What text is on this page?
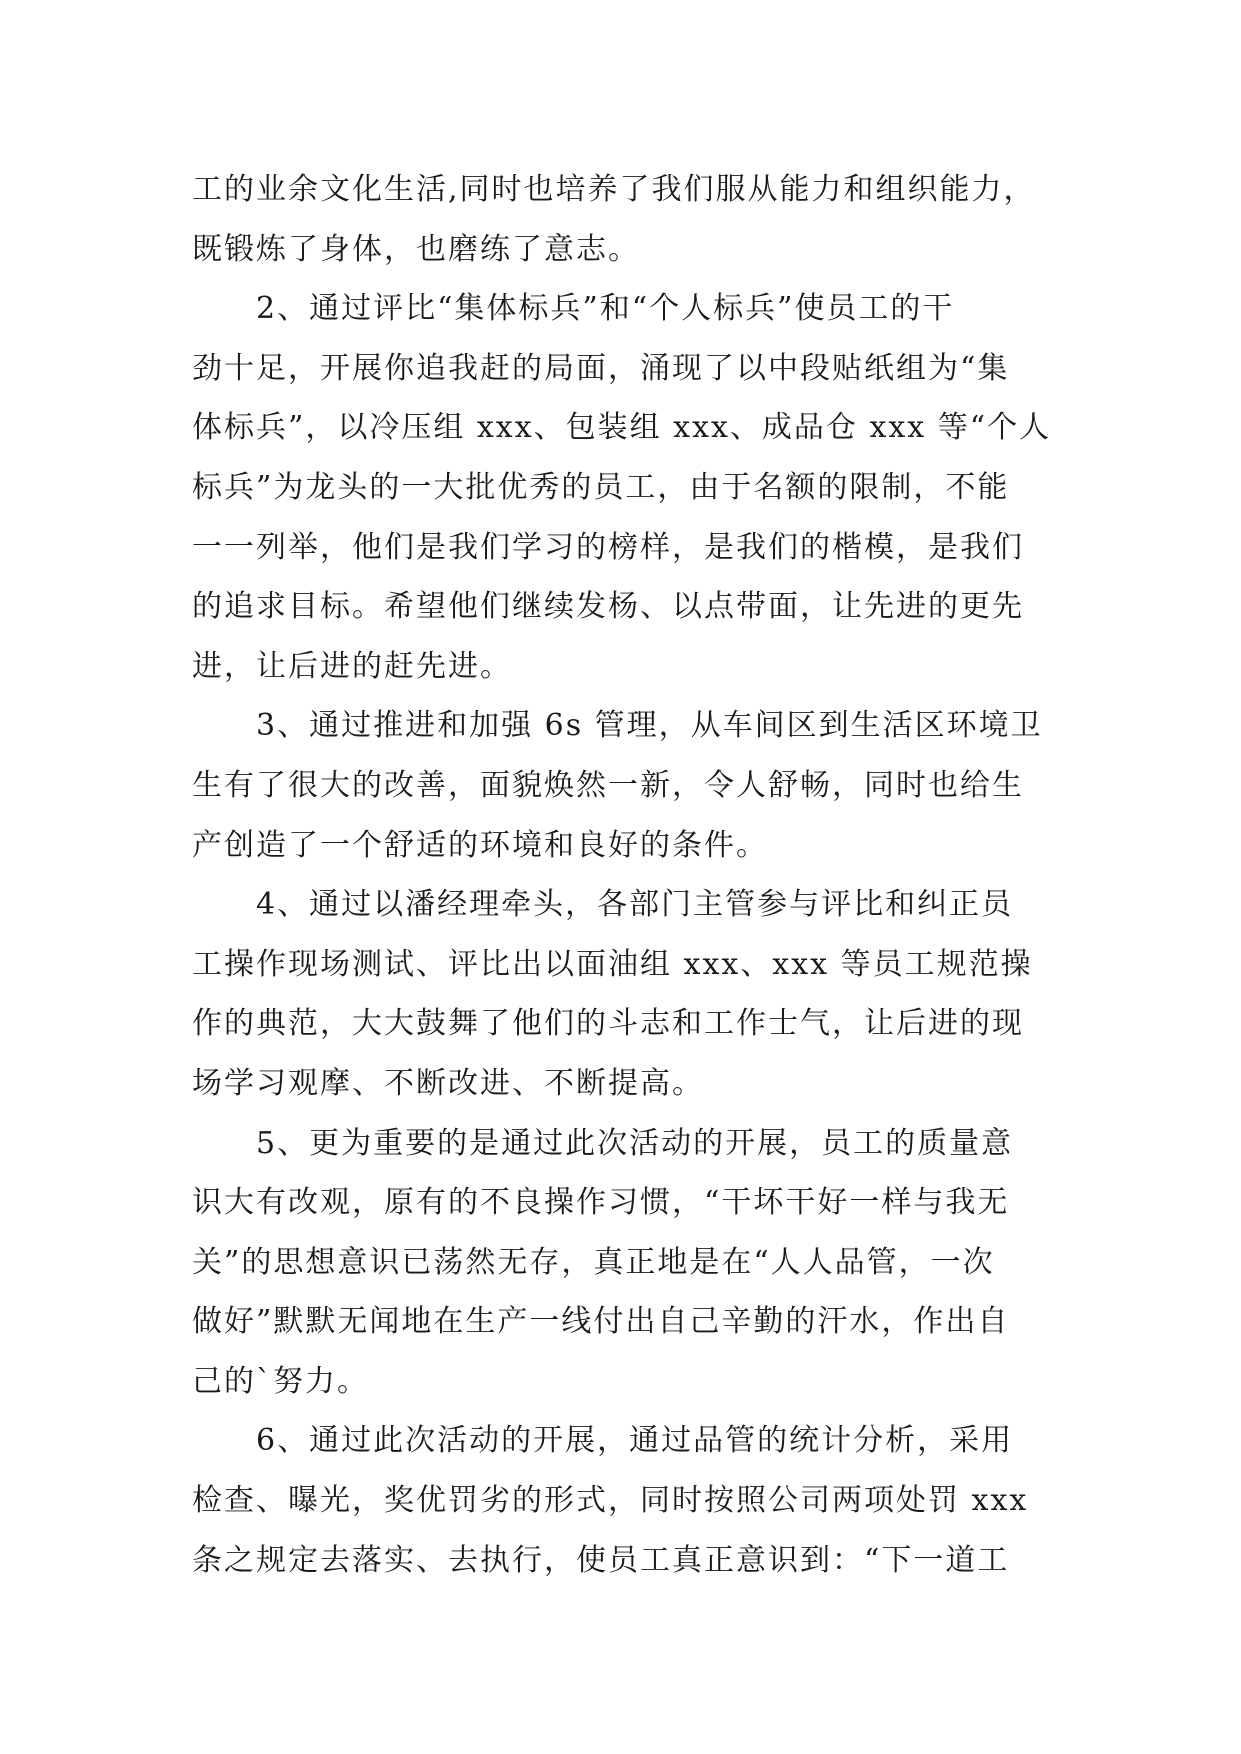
工的业余文化生活,同时也培养了我们服从能力和组织能力，
既锻炼了身体，也磨练了意志。
2、通过评比“集体标兵”和“个人标兵”使员工的干
劲十足，开展你追我赶的局面，涌现了以中段贴纸组为“集
体标兵”，以冷压组 xxx、包装组 xxx、成品仓 xxx 等“个人
标兵”为龙头的一大批优秀的员工，由于名额的限制，不能
一一列举，他们是我们学习的榜样，是我们的楷模，是我们
的追求目标。希望他们继续发杨、以点带面，让先进的更先
进，让后进的赶先进。
3、通过推进和加强 6s 管理，从车间区到生活区环境卫
生有了很大的改善，面貌焕然一新，令人舒畅，同时也给生
产创造了一个舒适的环境和良好的条件。
4、通过以潘经理牵头，各部门主管参与评比和纠正员
工操作现场测试、评比出以面油组 xxx、xxx 等员工规范操
作的典范，大大鼓舞了他们的斗志和工作士气，让后进的现
场学习观摩、不断改进、不断提高。
5、更为重要的是通过此次活动的开展，员工的质量意
识大有改观，原有的不良操作习惯，“干坏干好一样与我无
关”的思想意识已荡然无存，真正地是在“人人品管，一次
做好”默默无闻地在生产一线付出自己辛勤的汗水，作出自
己的`努力。
6、通过此次活动的开展，通过品管的统计分析，采用
检查、曝光，奖优罚劣的形式，同时按照公司两项处罚 xxx
条之规定去落实、去执行，使员工真正意识到：“下一道工
